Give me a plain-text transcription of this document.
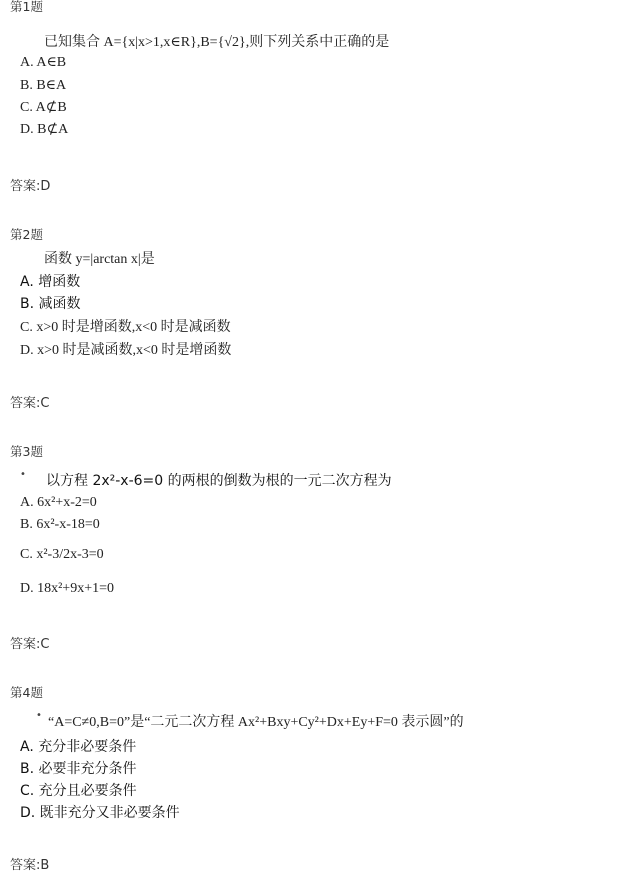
第1题
已知集合 A={x|x>1,x∈R},B={√2},则下列关系中正确的是
A. A∈B
B. B∈A
C. A⊄B
D. B⊄A
答案:D
第2题
函数 y=|arctan x|是
A. 增函数
B. 减函数
C. x>0 时是增函数,x<0 时是减函数
D. x>0 时是减函数,x<0 时是增函数
答案:C
第3题
• 以方程 2x²-x-6=0 的两根的倒数为根的一元二次方程为
A. 6x²+x-2=0
B. 6x²-x-18=0
C. x²-3/2x-3=0
D. 18x²+9x+1=0
答案:C
第4题
• “A=C≠0,B=0”是“二元二次方程 Ax²+Bxy+Cy²+Dx+Ey+F=0 表示圆”的
A. 充分非必要条件
B. 必要非充分条件
C. 充分且必要条件
D. 既非充分又非必要条件
答案:B
